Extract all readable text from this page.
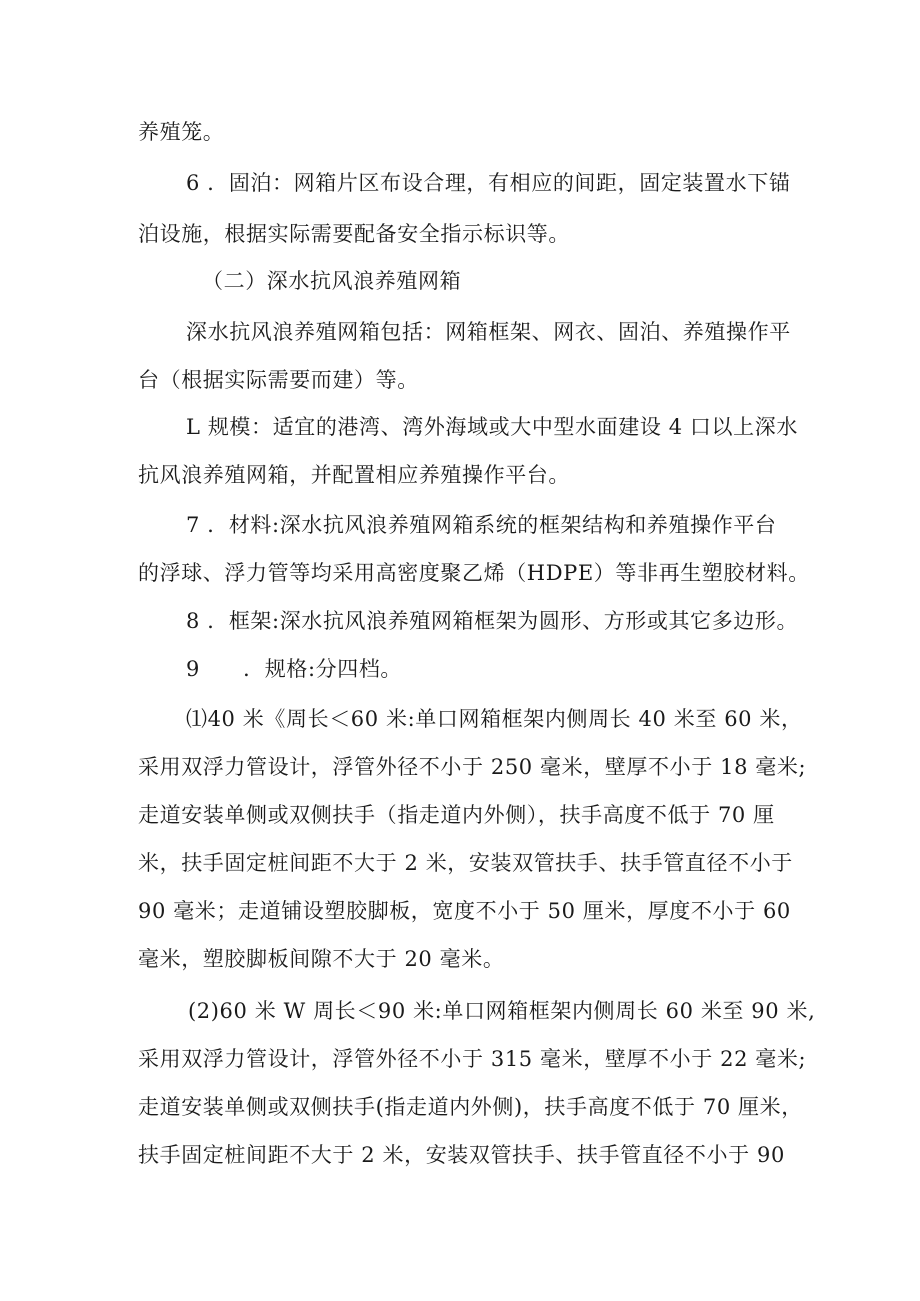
养殖笼。
6 ．固泊：网箱片区布设合理，有相应的间距，固定装置水下锚
泊设施，根据实际需要配备安全指示标识等。
（二）深水抗风浪养殖网箱
深水抗风浪养殖网箱包括：网箱框架、网衣、固泊、养殖操作平
台（根据实际需要而建）等。
L 规模：适宜的港湾、湾外海域或大中型水面建设 4 口以上深水
抗风浪养殖网箱，并配置相应养殖操作平台。
7 ．材料:深水抗风浪养殖网箱系统的框架结构和养殖操作平台
的浮球、浮力管等均采用高密度聚乙烯（HDPE）等非再生塑胶材料。
8 ．框架:深水抗风浪养殖网箱框架为圆形、方形或其它多边形。
9　　．规格:分四档。
⑴40 米《周长＜60 米:单口网箱框架内侧周长 40 米至 60 米，
采用双浮力管设计，浮管外径不小于 250 毫米，壁厚不小于 18 毫米;
走道安装单侧或双侧扶手（指走道内外侧），扶手高度不低于 70 厘
米，扶手固定桩间距不大于 2 米，安装双管扶手、扶手管直径不小于
90 毫米；走道铺设塑胶脚板，宽度不小于 50 厘米，厚度不小于 60
毫米，塑胶脚板间隙不大于 20 毫米。
(2)60 米 W 周长＜90 米:单口网箱框架内侧周长 60 米至 90 米,
采用双浮力管设计，浮管外径不小于 315 毫米，壁厚不小于 22 毫米;
走道安装单侧或双侧扶手(指走道内外侧)，扶手高度不低于 70 厘米，
扶手固定桩间距不大于 2 米，安装双管扶手、扶手管直径不小于 90
